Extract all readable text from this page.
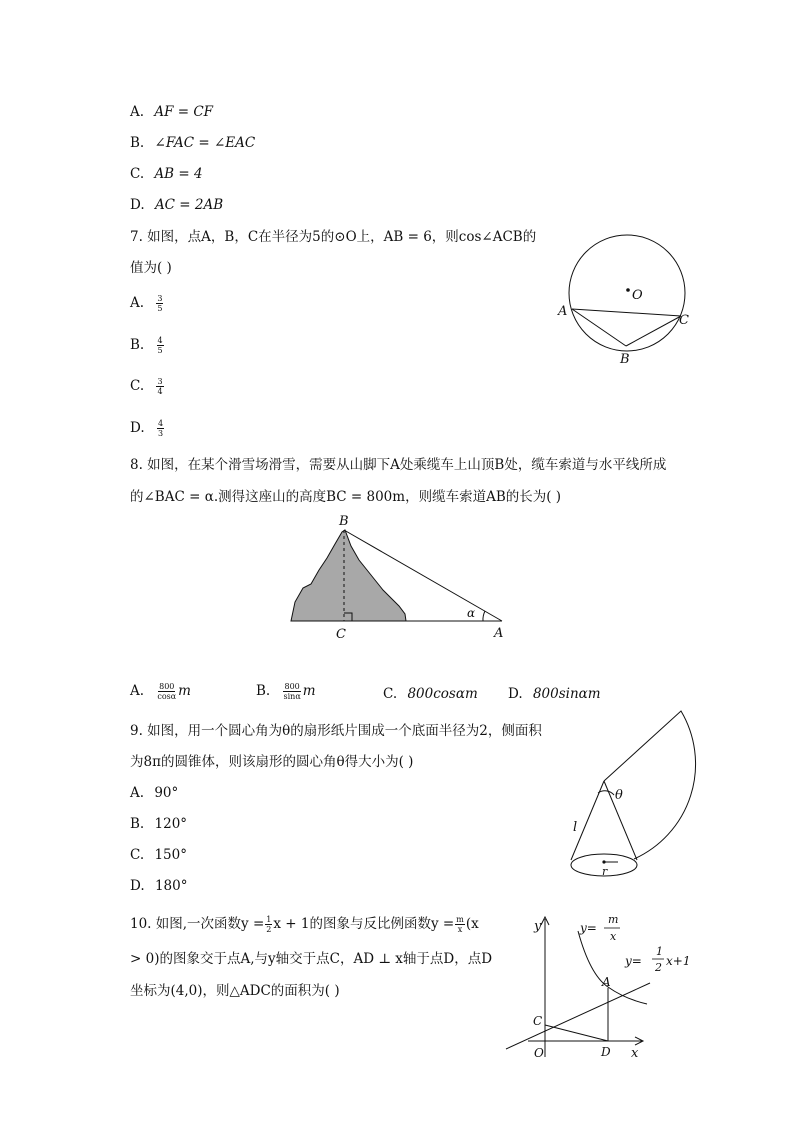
A. AF = CF
B. ∠FAC = ∠EAC
C. AB = 4
D. AC = 2AB
7. 如图，点A，B，C在半径为5的⊙O上，AB = 6，则cos∠ACB的
值为( )
A. $\frac{3}{5}$
B. $\frac{4}{5}$
C. $\frac{3}{4}$
D. $\frac{4}{3}$
O
A
B
C
8. 如图，在某个滑雪场滑雪，需要从山脚下A处乘缆车上山顶B处，缆车索道与水平线所成
的∠BAC = α.测得这座山的高度BC = 800m，则缆车索道AB的长为( )
B
C	A
α
A. $\frac{800}{\cos\alpha}$ m	B. $\frac{800}{\sin\alpha}$ m	C. 800cosαm D. 800sinαm
9. 如图，用一个圆心角为θ的扇形纸片围成一个底面半径为2，侧面积
为8π的圆锥体，则该扇形的圆心角θ得大小为( )
A. 90°
B. 120°
C. 150°
D. 180°
θ
l
r
10. 如图,一次函数$y = \frac{1}{2}$ x + 1的图象与反比例函数$y = \frac{m}{x} (x$
> 0)的图象交于点A,与y轴交于点C，AD ⊥ x轴于点D，点D
坐标为(4,0)，则△ADC的面积为( )
y
x
O
C
A
D
y=
m
x
y=
1
2 x+1
